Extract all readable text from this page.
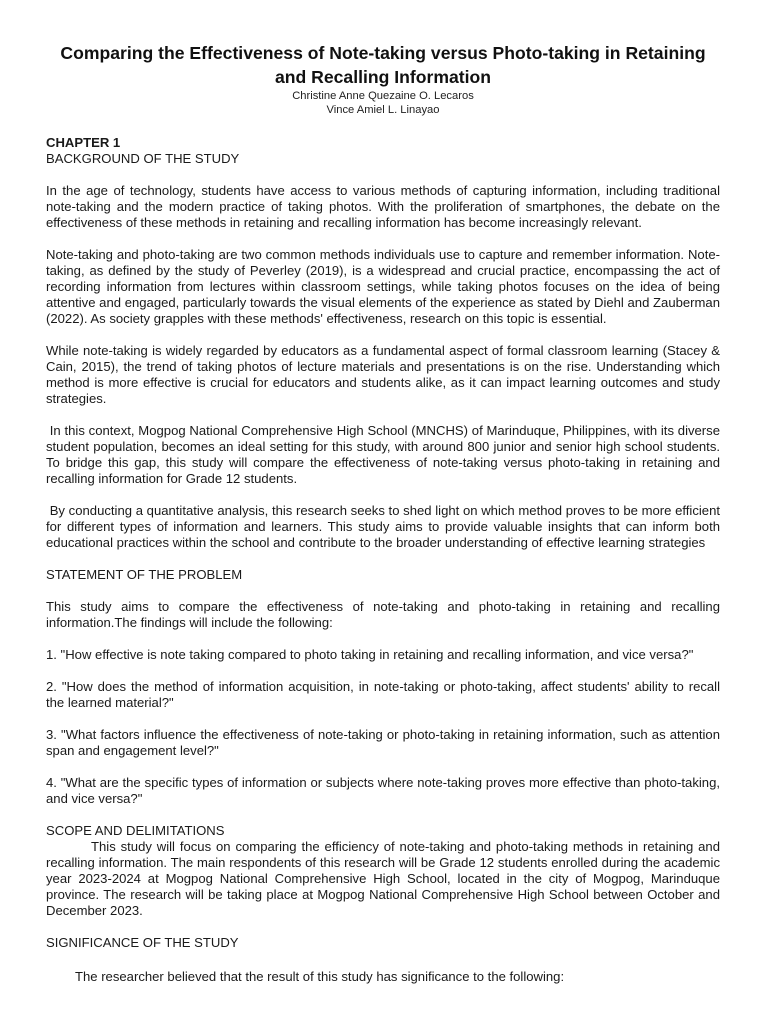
Comparing the Effectiveness of Note-taking versus Photo-taking in Retaining and Recalling Information

Christine Anne Quezaine O. Lecaros

Vince Amiel L. Linayao

CHAPTER 1

BACKGROUND OF THE STUDY

In the age of technology, students have access to various methods of capturing information, including traditional note-taking and the modern practice of taking photos. With the proliferation of smartphones, the debate on the effectiveness of these methods in retaining and recalling information has become increasingly relevant.

Note-taking and photo-taking are two common methods individuals use to capture and remember information. Note-taking, as defined by the study of Peverley (2019), is a widespread and crucial practice, encompassing the act of recording information from lectures within classroom settings, while taking photos focuses on the idea of being attentive and engaged, particularly towards the visual elements of the experience as stated by Diehl and Zauberman (2022). As society grapples with these methods' effectiveness, research on this topic is essential.

While note-taking is widely regarded by educators as a fundamental aspect of formal classroom learning (Stacey & Cain, 2015), the trend of taking photos of lecture materials and presentations is on the rise. Understanding which method is more effective is crucial for educators and students alike, as it can impact learning outcomes and study strategies.

In this context, Mogpog National Comprehensive High School (MNCHS) of Marinduque, Philippines, with its diverse student population, becomes an ideal setting for this study, with around 800 junior and senior high school students. To bridge this gap, this study will compare the effectiveness of note-taking versus photo-taking in retaining and recalling information for Grade 12 students.

By conducting a quantitative analysis, this research seeks to shed light on which method proves to be more efficient for different types of information and learners. This study aims to provide valuable insights that can inform both educational practices within the school and contribute to the broader understanding of effective learning strategies

STATEMENT OF THE PROBLEM

This study aims to compare the effectiveness of note-taking and photo-taking in retaining and recalling information.The findings will include the following:

1. "How effective is note taking compared to photo taking in retaining and recalling information, and vice versa?"

2. "How does the method of information acquisition, in note-taking or photo-taking, affect students' ability to recall the learned material?"

3. "What factors influence the effectiveness of note-taking or photo-taking in retaining information, such as attention span and engagement level?"

4. "What are the specific types of information or subjects where note-taking proves more effective than photo-taking, and vice versa?"

SCOPE AND DELIMITATIONS

This study will focus on comparing the efficiency of note-taking and photo-taking methods in retaining and recalling information. The main respondents of this research will be Grade 12 students enrolled during the academic year 2023-2024 at Mogpog National Comprehensive High School, located in the city of Mogpog, Marinduque province. The research will be taking place at Mogpog National Comprehensive High School between October and December 2023.

SIGNIFICANCE OF THE STUDY

The researcher believed that the result of this study has significance to the following:
